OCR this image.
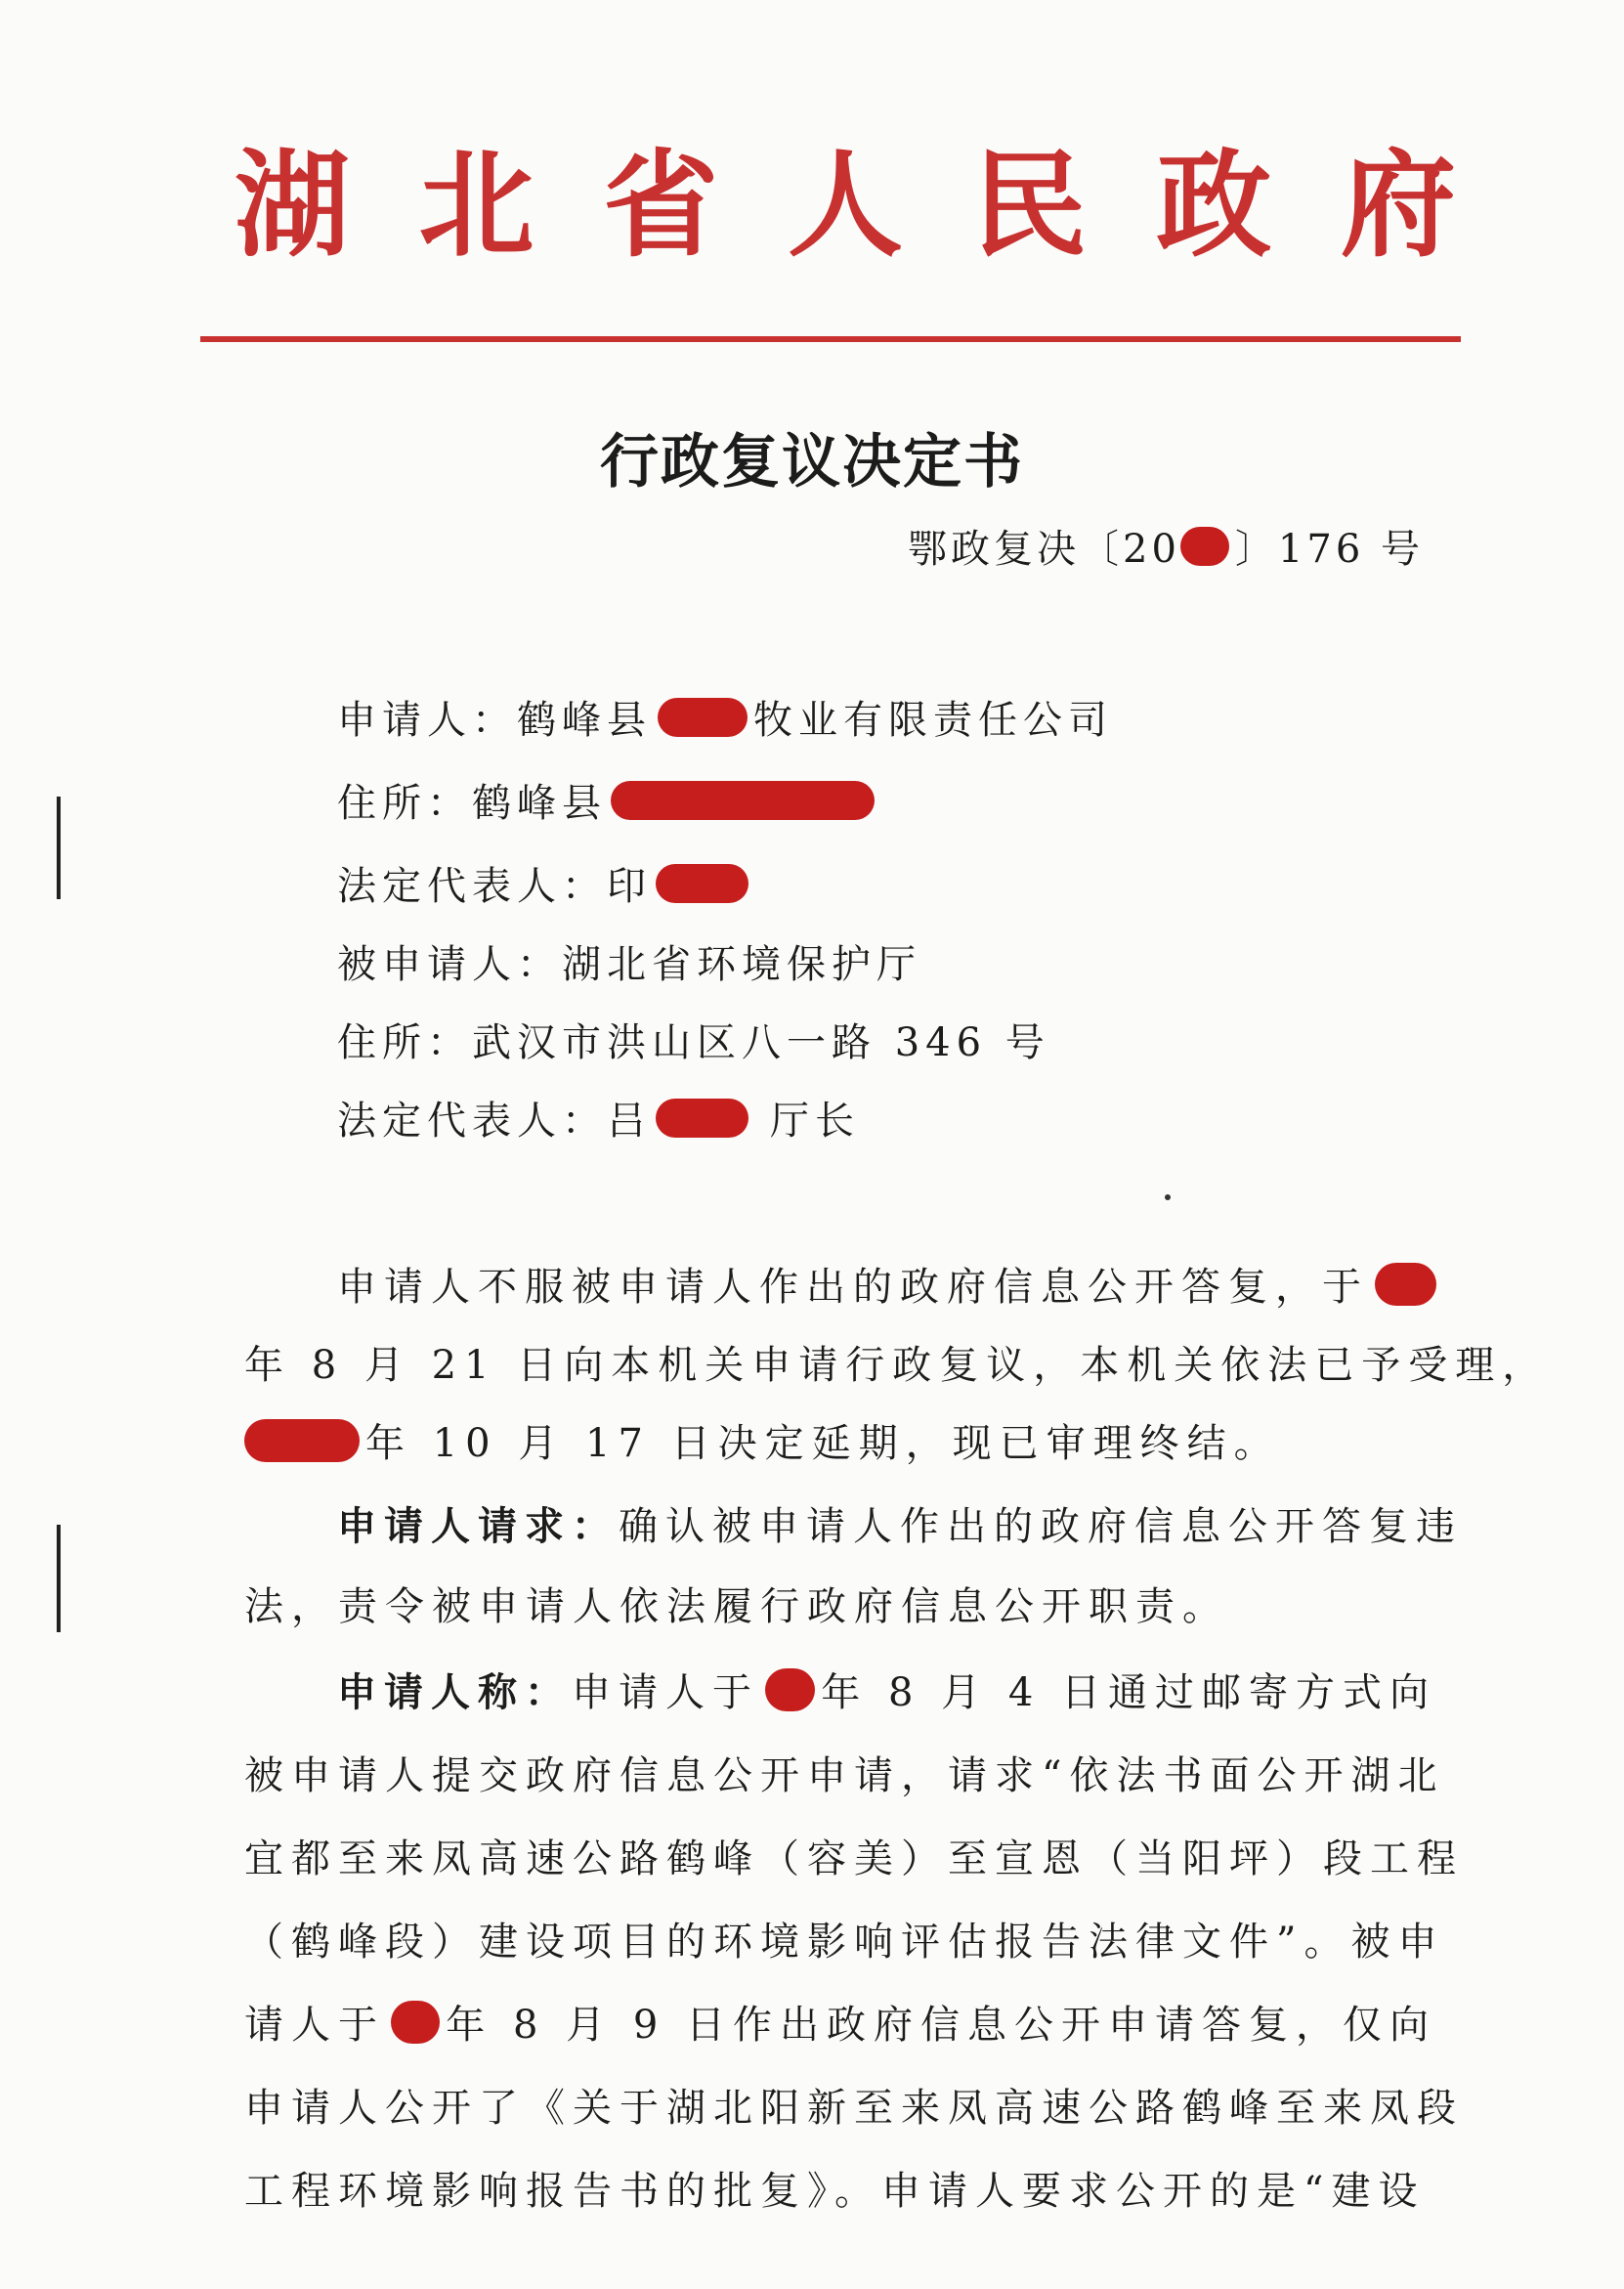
湖 北 省 人 民 政 府
行政复议决定书
鄂政复决〔20 〕176 号
申请人： 鹤峰县	牧业有限责任公司
住所： 鹤峰县
法定代表人： 印
被申请人： 湖北省环境保护厅
住所： 武汉市洪山区八一路 346 号
法定代表人： 吕	厅长
申请人不服被申请人作出的政府信息公开答复，于
年 8 月 21 日向本机关申请行政复议，本机关依法已予受理，
年 10 月 17 日决定延期，现已审理终结。
申请人请求： 确认被申请人作出的政府信息公开答复违
法，责令被申请人依法履行政府信息公开职责。
申请人称： 申请人于 年 8 月 4 日通过邮寄方式向
被申请人提交政府信息公开申请，请求“依法书面公开湖北
宜都至来凤高速公路鹤峰（容美）至宣恩（当阳坪）段工程
（鹤峰段）建设项目的环境影响评估报告法律文件”。被申
请人于 年 8 月 9 日作出政府信息公开申请答复，仅向
申请人公开了《关于湖北阳新至来凤高速公路鹤峰至来凤段
工程环境影响报告书的批复》。申请人要求公开的是“建设
